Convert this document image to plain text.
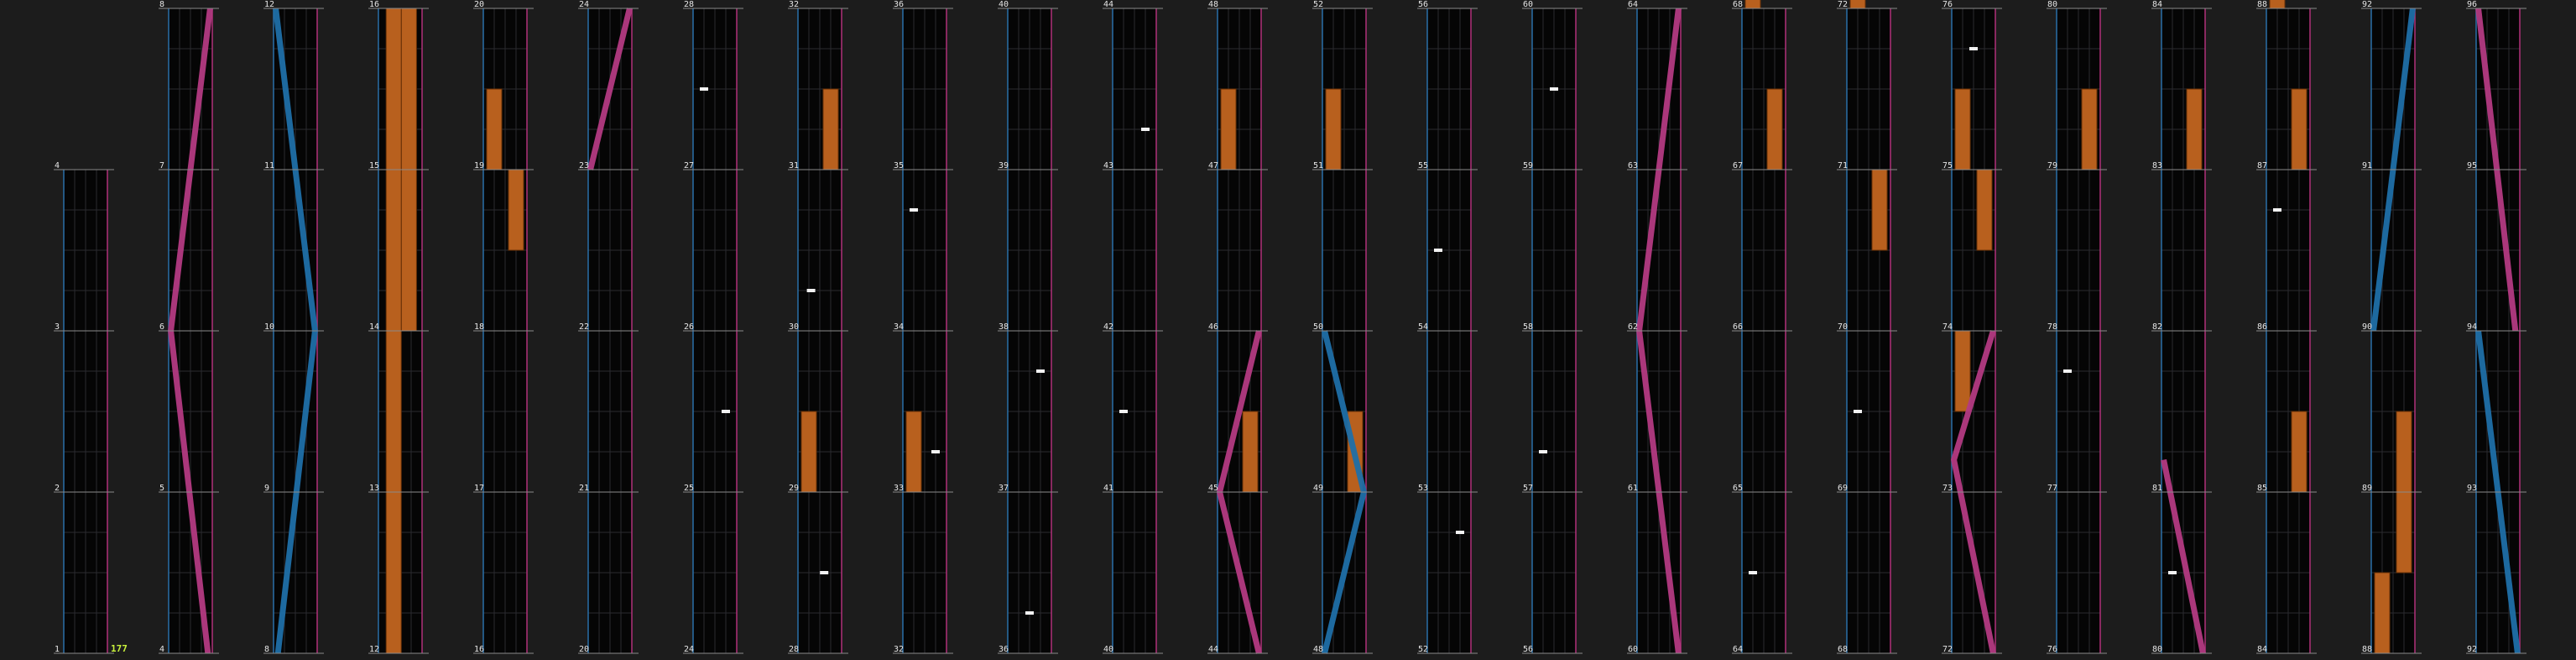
1
2
3
4
177	4
5
6
7
8
8
9
10
11
12
12
13
14
15
16
16
17
18
19
20
20
21
22
23
24
24
25
26
27
28
28
29
30
31
32
32
33
34
35
36
36
37
38
39
40
40
41
42
43
44
44
45
46
47
48
48
49
50
51
52
52
53
54
55
56
56
57
58
59
60
60
61
62
63
64
64
65
66
67
68
68
69
70
71
72
72
73
74
75
76
76
77
78
79
80
80
81
82
83
84
84
85
86
87
88
88
89
90
91
92
92
93
94
95
96
